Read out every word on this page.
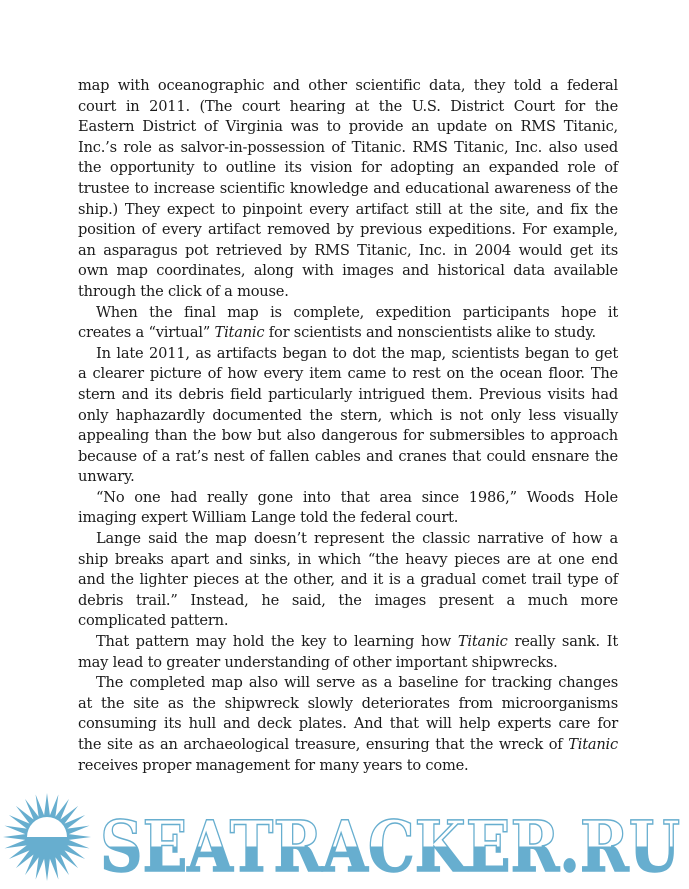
map with oceanographic and other scientific data, they told a federal
court in 2011. (The court hearing at the U.S. District Court for the
Eastern District of Virginia was to provide an update on RMS Titanic,
Inc.’s role as salvor-in-possession of Titanic. RMS Titanic, Inc. also used
the opportunity to outline its vision for adopting an expanded role of
trustee to increase scientific knowledge and educational awareness of the
ship.) They expect to pinpoint every artifact still at the site, and fix the
position of every artifact removed by previous expeditions. For example,
an asparagus pot retrieved by RMS Titanic, Inc. in 2004 would get its
own map coordinates, along with images and historical data available
through the click of a mouse.
When the final map is complete, expedition participants hope it
creates a “virtual” Titanic for scientists and nonscientists alike to study.
In late 2011, as artifacts began to dot the map, scientists began to get
a clearer picture of how every item came to rest on the ocean floor. The
stern and its debris field particularly intrigued them. Previous visits had
only haphazardly documented the stern, which is not only less visually
appealing than the bow but also dangerous for submersibles to approach
because of a rat’s nest of fallen cables and cranes that could ensnare the
unwary.
“No one had really gone into that area since 1986,” Woods Hole
imaging expert William Lange told the federal court.
Lange said the map doesn’t represent the classic narrative of how a
ship breaks apart and sinks, in which “the heavy pieces are at one end
and the lighter pieces at the other, and it is a gradual comet trail type of
debris trail.” Instead, he said, the images present a much more
complicated pattern.
That pattern may hold the key to learning how Titanic really sank. It
may lead to greater understanding of other important shipwrecks.
The completed map also will serve as a baseline for tracking changes
at the site as the shipwreck slowly deteriorates from microorganisms
consuming its hull and deck plates. And that will help experts care for
the site as an archaeological treasure, ensuring that the wreck of Titanic
receives proper management for many years to come.
SEATRACKER.RU
